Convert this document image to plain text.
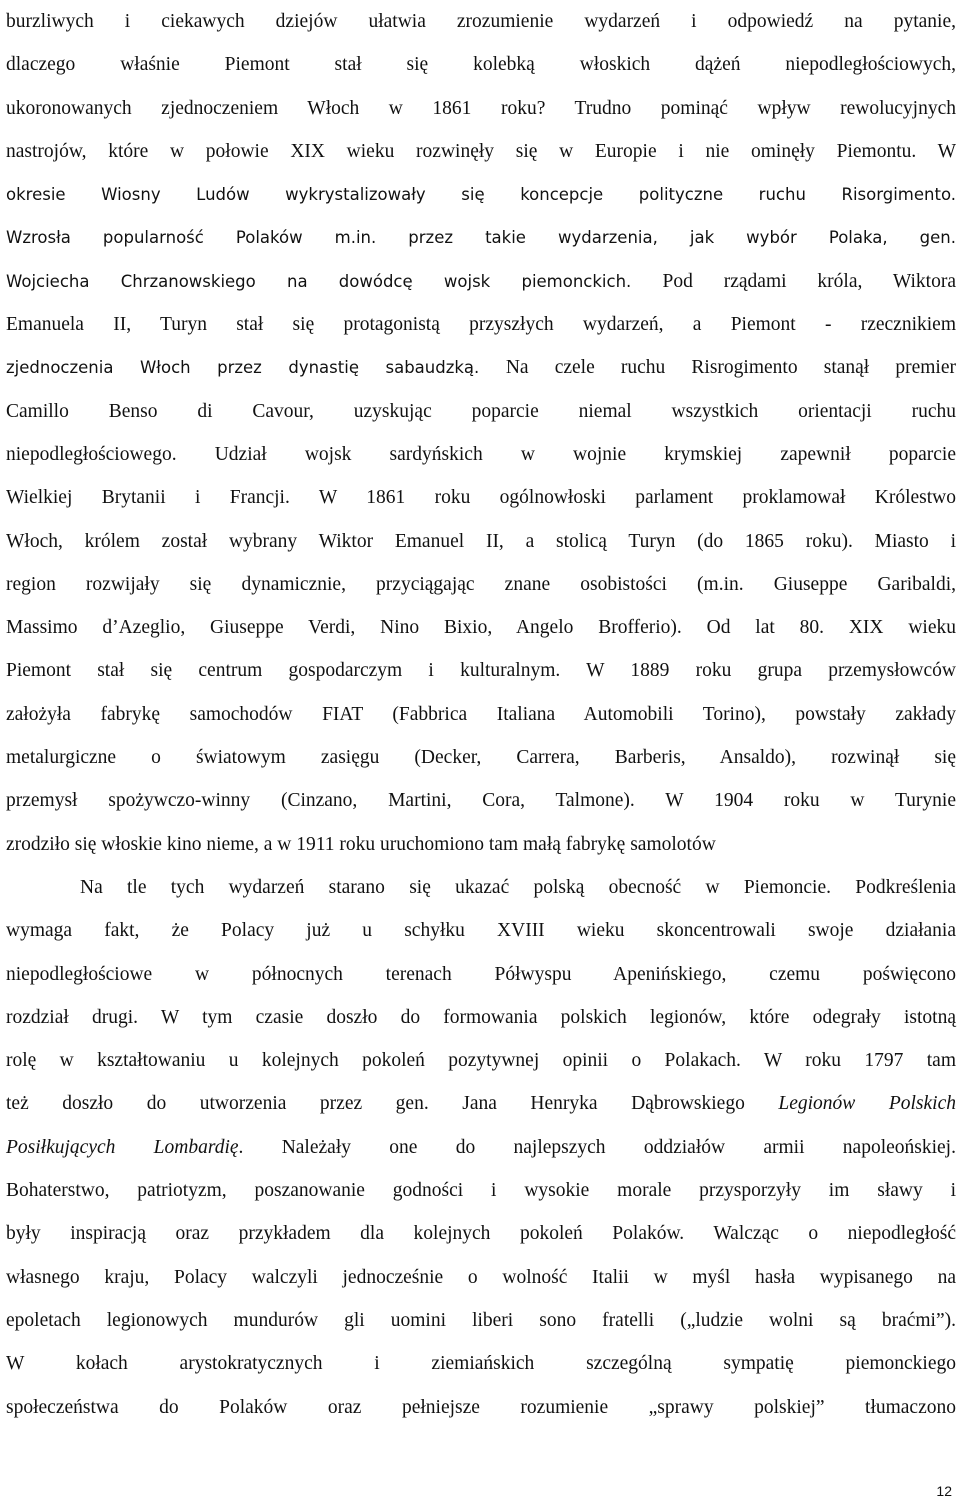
burzliwych i ciekawych dziejów ułatwia zrozumienie wydarzeń i odpowiedź na pytanie,
dlaczego właśnie Piemont stał się kolebką włoskich dążeń niepodległościowych,
ukoronowanych zjednoczeniem Włoch w 1861 roku? Trudno pominąć wpływ rewolucyjnych
nastrojów, które w połowie XIX wieku rozwinęły się w Europie i nie ominęły Piemontu. W
okresie Wiosny Ludów wykrystalizowały się koncepcje polityczne ruchu Risorgimento.
Wzrosła popularność Polaków m.in. przez takie wydarzenia, jak wybór Polaka, gen.
Wojciecha Chrzanowskiego na dowódcę wojsk piemonckich. Pod rządami króla, Wiktora
Emanuela II, Turyn stał się protagonistą przyszłych wydarzeń, a Piemont - rzecznikiem
zjednoczenia Włoch przez dynastię sabaudzką. Na czele ruchu Risrogimento stanął premier
Camillo Benso di Cavour, uzyskując poparcie niemal wszystkich orientacji ruchu
niepodległościowego. Udział wojsk sardyńskich w wojnie krymskiej zapewnił poparcie
Wielkiej Brytanii i Francji. W 1861 roku ogólnowłoski parlament proklamował Królestwo
Włoch, królem został wybrany Wiktor Emanuel II, a stolicą Turyn (do 1865 roku). Miasto i
region rozwijały się dynamicznie, przyciągając znane osobistości (m.in. Giuseppe Garibaldi,
Massimo d’Azeglio, Giuseppe Verdi, Nino Bixio, Angelo Brofferio). Od lat 80. XIX wieku
Piemont stał się centrum gospodarczym i kulturalnym. W 1889 roku grupa przemysłowców
założyła fabrykę samochodów FIAT (Fabbrica Italiana Automobili Torino), powstały zakłady
metalurgiczne o światowym zasięgu (Decker, Carrera, Barberis, Ansaldo), rozwinął się
przemysł spożywczo-winny (Cinzano, Martini, Cora, Talmone). W 1904 roku w Turynie
zrodziło się włoskie kino nieme, a w 1911 roku uruchomiono tam małą fabrykę samolotów
Na tle tych wydarzeń starano się ukazać polską obecność w Piemoncie. Podkreślenia
wymaga fakt, że Polacy już u schyłku XVIII wieku skoncentrowali swoje działania
niepodległościowe w północnych terenach Półwyspu Apenińskiego, czemu poświęcono
rozdział drugi. W tym czasie doszło do formowania polskich legionów, które odegrały istotną
rolę w kształtowaniu u kolejnych pokoleń pozytywnej opinii o Polakach. W roku 1797 tam
też doszło do utworzenia przez gen. Jana Henryka Dąbrowskiego Legionów Polskich
Posiłkujących Lombardię. Należały one do najlepszych oddziałów armii napoleońskiej.
Bohaterstwo, patriotyzm, poszanowanie godności i wysokie morale przysporzyły im sławy i
były inspiracją oraz przykładem dla kolejnych pokoleń Polaków. Walcząc o niepodległość
własnego kraju, Polacy walczyli jednocześnie o wolność Italii w myśl hasła wypisanego na
epoletach legionowych mundurów gli uomini liberi sono fratelli („ludzie wolni są braćmi”).
W kołach arystokratycznych i ziemiańskich szczególną sympatię piemonckiego
społeczeństwa do Polaków oraz pełniejsze rozumienie „sprawy polskiej” tłumaczono
12
